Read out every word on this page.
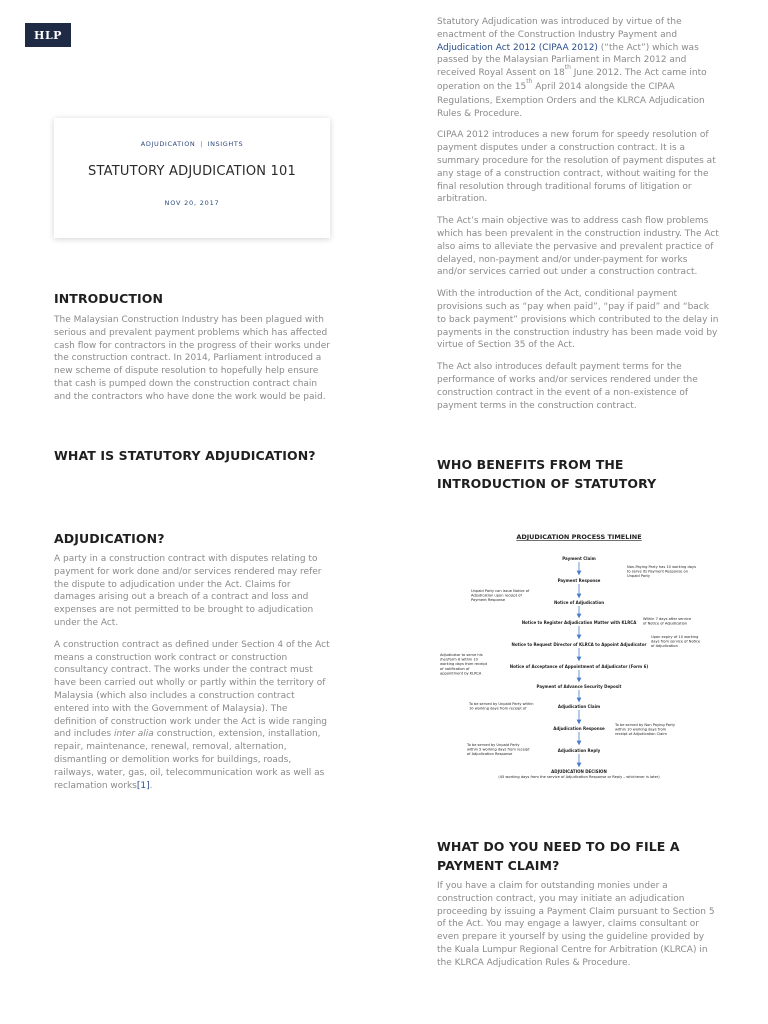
HLP
ADJUDICATION | INSIGHTS
STATUTORY ADJUDICATION 101
NOV 20, 2017

Statutory Adjudication was introduced by virtue of the enactment of the Construction Industry Payment and Adjudication Act 2012 (CIPAA 2012) (“the Act”) which was passed by the Malaysian Parliament in March 2012 and received Royal Assent on 18th June 2012. The Act came into operation on the 15th April 2014 alongside the CIPAA Regulations, Exemption Orders and the KLRCA Adjudication Rules & Procedure.

CIPAA 2012 introduces a new forum for speedy resolution of payment disputes under a construction contract. It is a summary procedure for the resolution of payment disputes at any stage of a construction contract, without waiting for the final resolution through traditional forums of litigation or arbitration.

The Act’s main objective was to address cash flow problems which has been prevalent in the construction industry. The Act also aims to alleviate the pervasive and prevalent practice of delayed, non-payment and/or under-payment for works and/or services carried out under a construction contract.

With the introduction of the Act, conditional payment provisions such as “pay when paid”, “pay if paid” and “back to back payment” provisions which contributed to the delay in payments in the construction industry has been made void by virtue of Section 35 of the Act.

The Act also introduces default payment terms for the performance of works and/or services rendered under the construction contract in the event of a non-existence of payment terms in the construction contract.

INTRODUCTION

The Malaysian Construction Industry has been plagued with serious and prevalent payment problems which has affected cash flow for contractors in the progress of their works under the construction contract. In 2014, Parliament introduced a new scheme of dispute resolution to hopefully help ensure that cash is pumped down the construction contract chain and the contractors who have done the work would be paid.

WHAT IS STATUTORY ADJUDICATION?
WHO BENEFITS FROM THE
INTRODUCTION OF STATUTORY
ADJUDICATION?

A party in a construction contract with disputes relating to payment for work done and/or services rendered may refer the dispute to adjudication under the Act. Claims for damages arising out a breach of a contract and loss and expenses are not permitted to be brought to adjudication under the Act.

A construction contract as defined under Section 4 of the Act means a construction work contract or construction consultancy contract. The works under the contract must have been carried out wholly or partly within the territory of Malaysia (which also includes a construction contract entered into with the Government of Malaysia). The definition of construction work under the Act is wide ranging and includes inter alia construction, extension, installation, repair, maintenance, renewal, removal, alternation, dismantling or demolition works for buildings, roads, railways, water, gas, oil, telecommunication work as well as reclamation works[1].

ADJUDICATION PROCESS TIMELINE
Payment Claim
Payment Response
Notice of Adjudication
Notice to Register Adjudication Matter with KLRCA
Notice to Request Director of KLRCA to Appoint Adjudicator
Notice of Acceptance of Appointment of Adjudicator (Form 6)
Payment of Advance Security Deposit
Adjudication Claim
Adjudication Response
Adjudication Reply
ADJUDICATION DECISION
Non-Paying Party has 10 working days to serve its Payment Response on Unpaid Party
Unpaid Party can issue Notice of Adjudication upon receipt of Payment Response
Within 7 days after service of Notice of Adjudication
Upon expiry of 10 working days from service of Notice of Adjudication
Adjudicator to serve his /her/form 6 within 10 working days from receipt of notification of appointment by KLRCA
To be served by Unpaid Party within 10 working days from receipt of
To be served by Non Paying Party within 10 working days from receipt of Adjudication Claim
To be served by Unpaid Party within 5 working days from receipt of Adjudication Response
(45 working days from the service of Adjudication Response or Reply – whichever is later)
WHAT DO YOU NEED TO DO FILE A
PAYMENT CLAIM?

If you have a claim for outstanding monies under a construction contract, you may initiate an adjudication proceeding by issuing a Payment Claim pursuant to Section 5 of the Act. You may engage a lawyer, claims consultant or even prepare it yourself by using the guideline provided by the Kuala Lumpur Regional Centre for Arbitration (KLRCA) in the KLRCA Adjudication Rules & Procedure.
